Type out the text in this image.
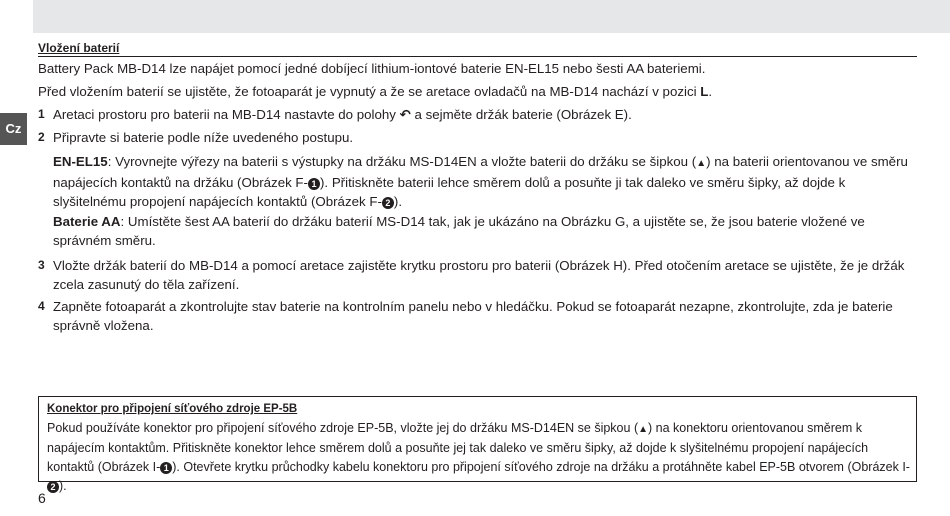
Cz
Vložení baterií
Battery Pack MB-D14 lze napájet pomocí jedné dobíjecí lithium-iontové baterie EN-EL15 nebo šesti AA bateriemi.
Před vložením baterií se ujistěte, že fotoaparát je vypnutý a že se aretace ovladačů na MB-D14 nachází v pozici L.
1 Aretaci prostoru pro baterii na MB-D14 nastavte do polohy ↶ a sejměte držák baterie (Obrázek E).
2 Připravte si baterie podle níže uvedeného postupu.
EN-EL15: Vyrovnejte výřezy na baterii s výstupky na držáku MS-D14EN a vložte baterii do držáku se šipkou (▲) na baterii orientovanou ve směru napájecích kontaktů na držáku (Obrázek F- 1 ). Přitiskněte baterii lehce směrem dolů a posuňte ji tak daleko ve směru šipky, až dojde k slyšitelnému propojení napájecích kontaktů (Obrázek F- 2 ).
Baterie AA: Umístěte šest AA baterií do držáku baterií MS-D14 tak, jak je ukázáno na Obrázku G, a ujistěte se, že jsou baterie vložené ve správném směru.
3 Vložte držák baterií do MB-D14 a pomocí aretace zajistěte krytku prostoru pro baterii (Obrázek H). Před otočením aretace se ujistěte, že je držák zcela zasunutý do těla zařízení.
4 Zapněte fotoaparát a zkontrolujte stav baterie na kontrolním panelu nebo v hledáčku. Pokud se fotoaparát nezapne, zkontrolujte, zda je baterie správně vložena.
Konektor pro připojení síťového zdroje EP-5B
Pokud používáte konektor pro připojení síťového zdroje EP-5B, vložte jej do držáku MS-D14EN se šipkou (▲) na konektoru orientovanou směrem k napájecím kontaktům. Přitiskněte konektor lehce směrem dolů a posuňte jej tak daleko ve směru šipky, až dojde k slyšitelnému propojení napájecích kontaktů (Obrázek I- 1 ). Otevřete krytku průchodky kabelu konektoru pro připojení síťového zdroje na držáku a protáhněte kabel EP-5B otvorem (Obrázek I-2 ).
6
